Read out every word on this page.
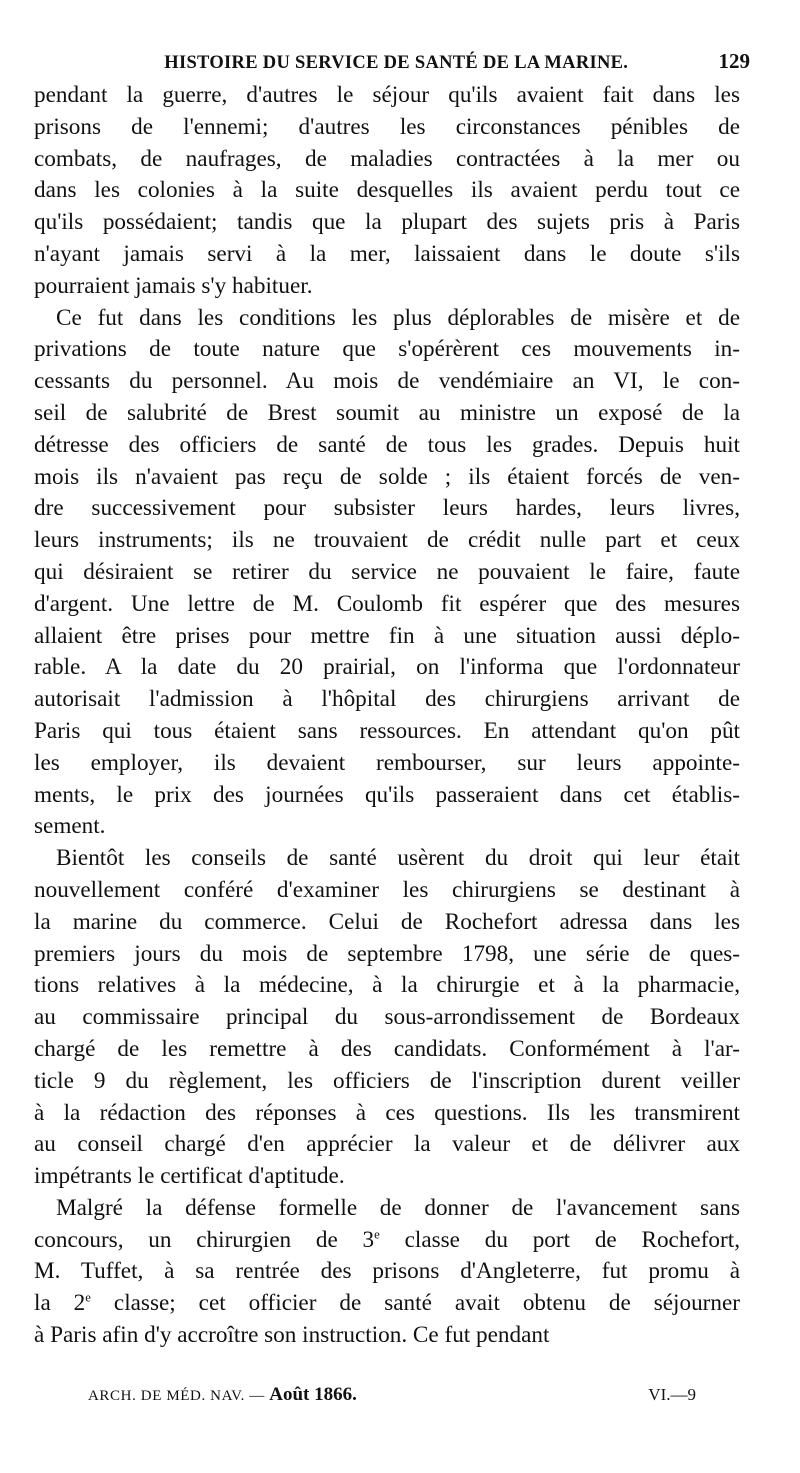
HISTOIRE DU SERVICE DE SANTÉ DE LA MARINE.	129

pendant la guerre, d'autres le séjour qu'ils avaient fait dans les
prisons de l'ennemi; d'autres les circonstances pénibles de
combats, de naufrages, de maladies contractées à la mer ou
dans les colonies à la suite desquelles ils avaient perdu tout ce
qu'ils possédaient; tandis que la plupart des sujets pris à Paris
n'ayant jamais servi à la mer, laissaient dans le doute s'ils
pourraient jamais s'y habituer.

Ce fut dans les conditions les plus déplorables de misère et de
privations de toute nature que s'opérèrent ces mouvements in-
cessants du personnel. Au mois de vendémiaire an VI, le con-
seil de salubrité de Brest soumit au ministre un exposé de la
détresse des officiers de santé de tous les grades. Depuis huit
mois ils n'avaient pas reçu de solde ; ils étaient forcés de ven-
dre successivement pour subsister leurs hardes, leurs livres,
leurs instruments; ils ne trouvaient de crédit nulle part et ceux
qui désiraient se retirer du service ne pouvaient le faire, faute
d'argent. Une lettre de M. Coulomb fit espérer que des mesures
allaient être prises pour mettre fin à une situation aussi déplo-
rable. A la date du 20 prairial, on l'informa que l'ordonnateur
autorisait l'admission à l'hôpital des chirurgiens arrivant de
Paris qui tous étaient sans ressources. En attendant qu'on pût
les employer, ils devaient rembourser, sur leurs appointe-
ments, le prix des journées qu'ils passeraient dans cet établis-
sement.

Bientôt les conseils de santé usèrent du droit qui leur était
nouvellement conféré d'examiner les chirurgiens se destinant à
la marine du commerce. Celui de Rochefort adressa dans les
premiers jours du mois de septembre 1798, une série de ques-
tions relatives à la médecine, à la chirurgie et à la pharmacie,
au commissaire principal du sous-arrondissement de Bordeaux
chargé de les remettre à des candidats. Conformément à l'ar-
ticle 9 du règlement, les officiers de l'inscription durent veiller
à la rédaction des réponses à ces questions. Ils les transmirent
au conseil chargé d'en apprécier la valeur et de délivrer aux
impétrants le certificat d'aptitude.

Malgré la défense formelle de donner de l'avancement sans
concours, un chirurgien de 3e classe du port de Rochefort,
M. Tuffet, à sa rentrée des prisons d'Angleterre, fut promu à
la 2e classe; cet officier de santé avait obtenu de séjourner
à Paris afin d'y accroître son instruction. Ce fut pendant

ARCH. DE MÉD. NAV. — Août 1866.	VI.—9
